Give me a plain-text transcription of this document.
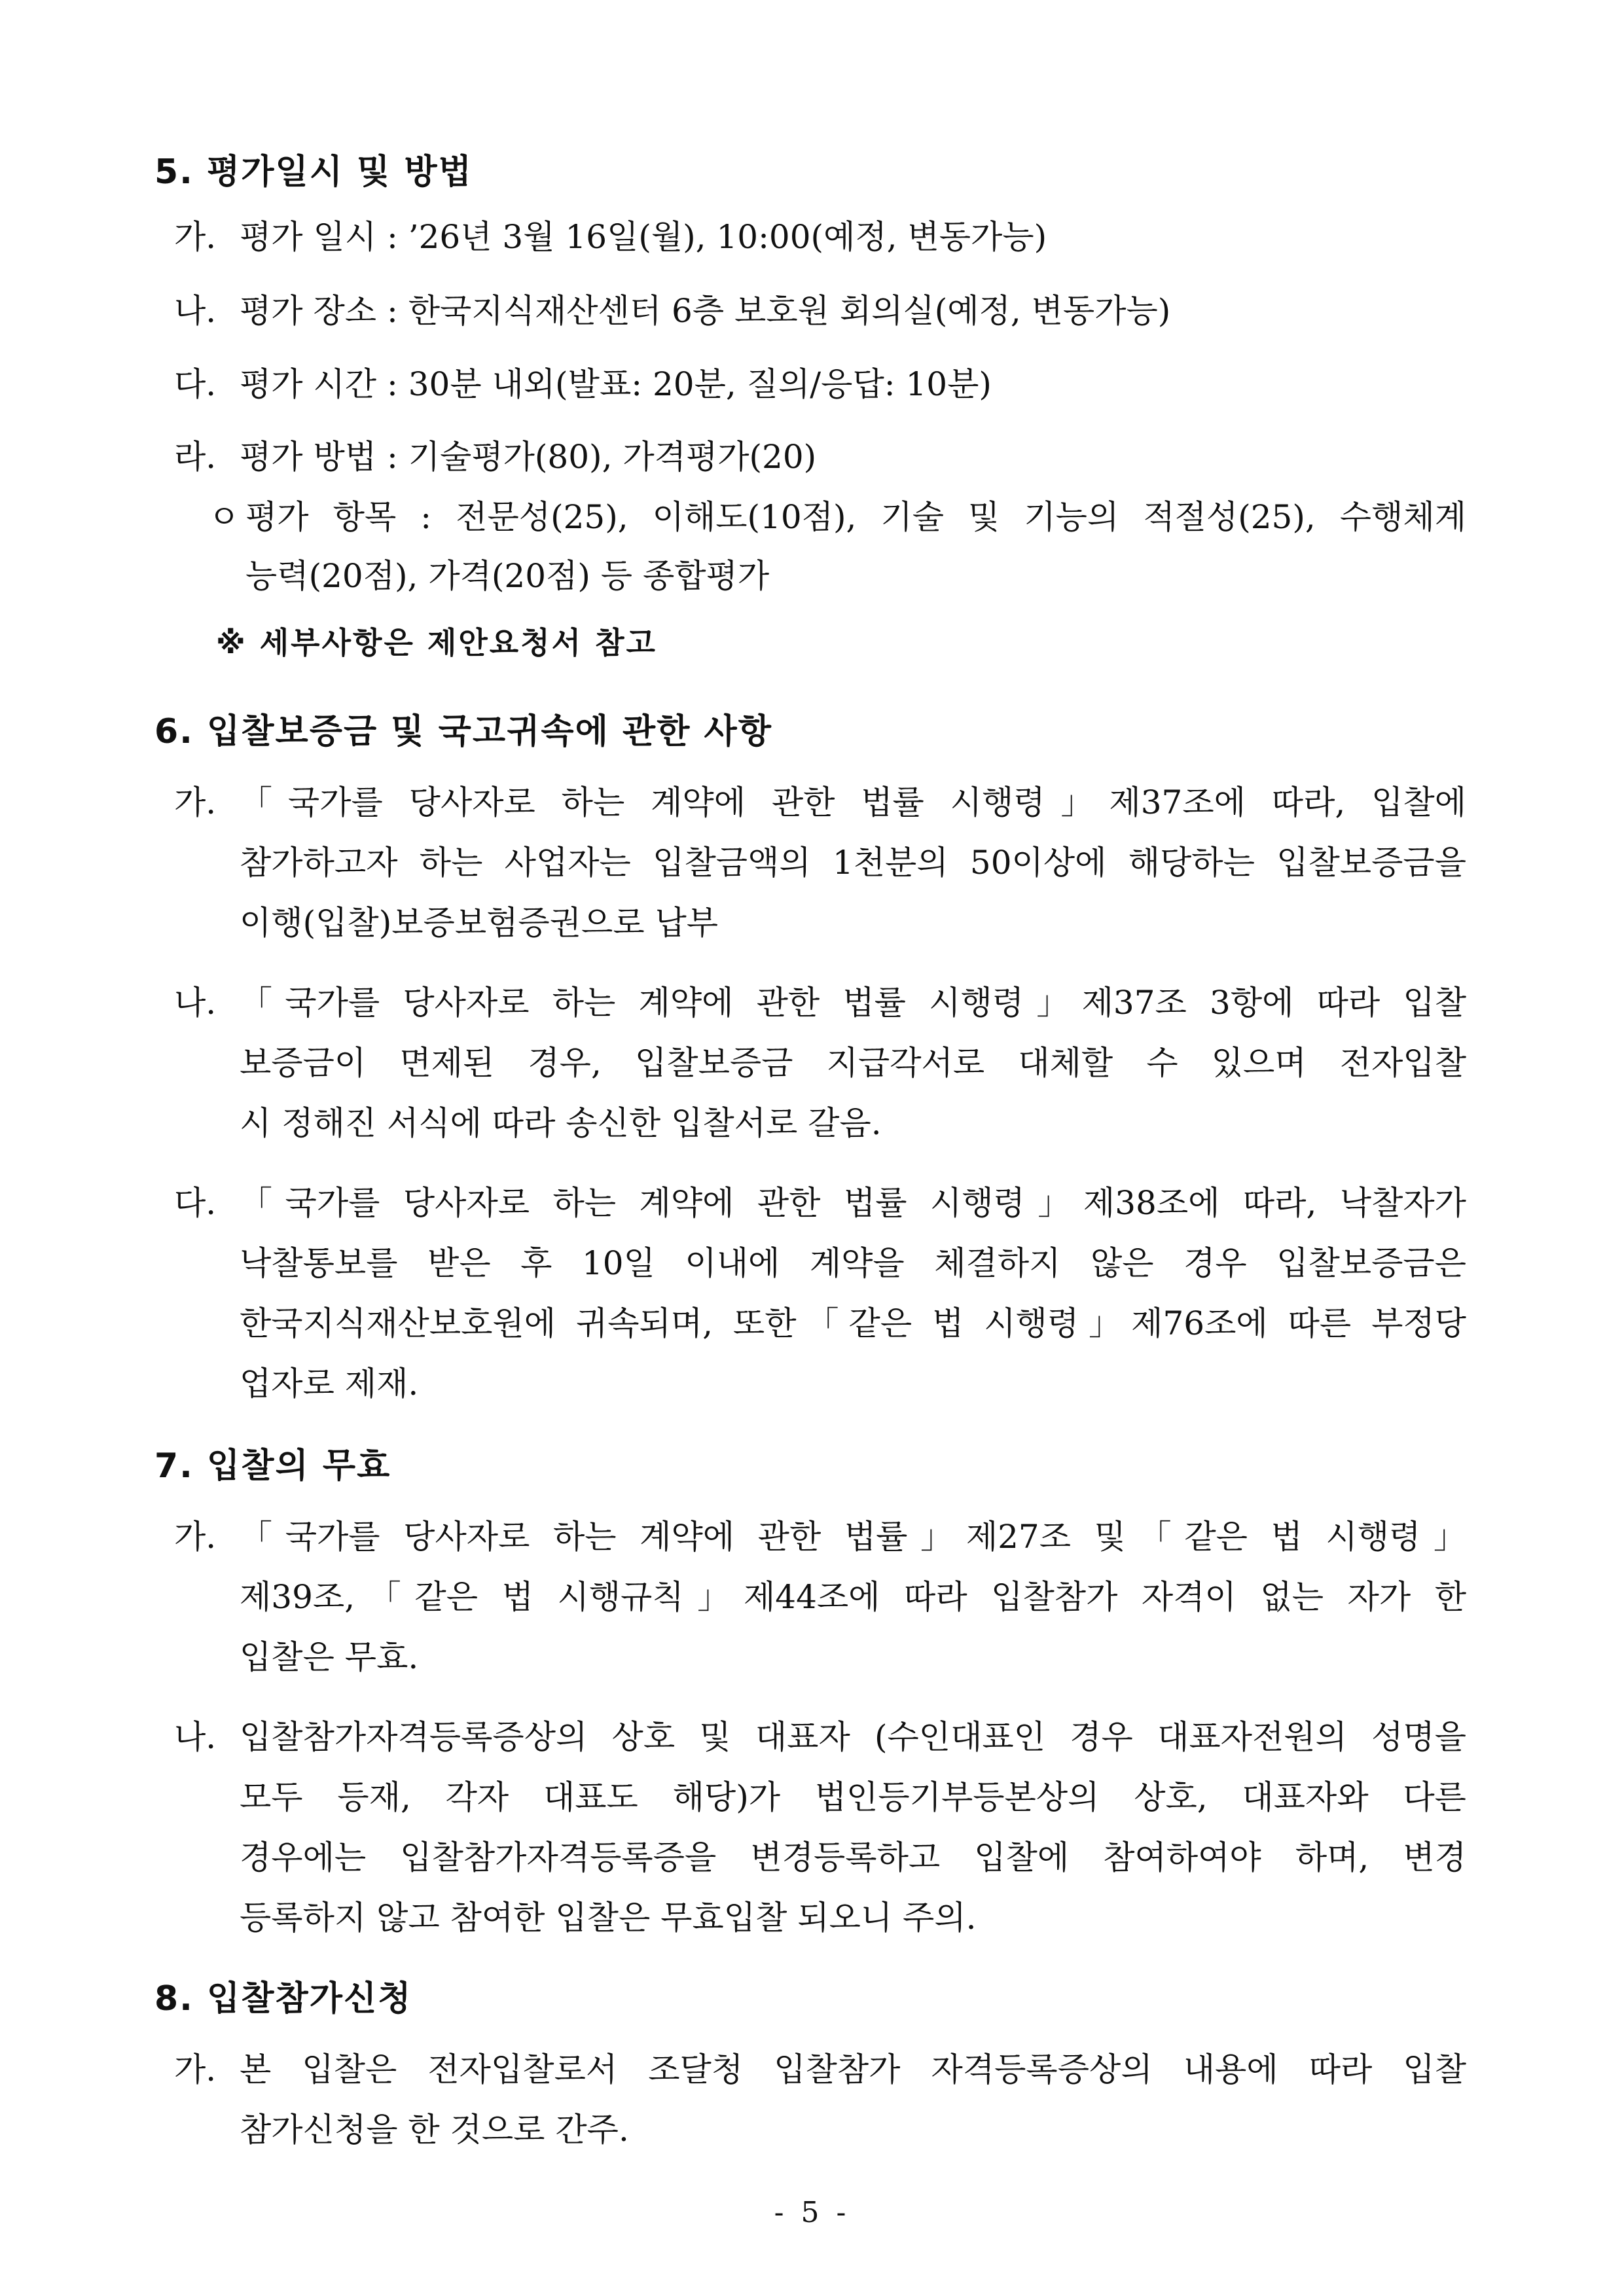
5. 평가일시 및 방법
가. 평가 일시 : ’26년 3월 16일(월), 10:00(예정, 변동가능)
나. 평가 장소 : 한국지식재산센터 6층 보호원 회의실(예정, 변동가능)
다. 평가 시간 : 30분 내외(발표: 20분, 질의/응답: 10분)
라. 평가 방법 : 기술평가(80), 가격평가(20)
ㅇ 평가 항목 : 전문성(25), 이해도(10점), 기술 및 기능의 적절성(25), 수행체계
능력(20점), 가격(20점) 등 종합평가
※ 세부사항은 제안요청서 참고
6. 입찰보증금 및 국고귀속에 관한 사항
가. 「국가를 당사자로 하는 계약에 관한 법률 시행령」제37조에 따라, 입찰에
참가하고자 하는 사업자는 입찰금액의 1천분의 50이상에 해당하는 입찰보증금을
이행(입찰)보증보험증권으로 납부
나. 「국가를 당사자로 하는 계약에 관한 법률 시행령」제37조 3항에 따라 입찰
보증금이 면제된 경우, 입찰보증금 지급각서로 대체할 수 있으며 전자입찰
시 정해진 서식에 따라 송신한 입찰서로 갈음.
다. 「국가를 당사자로 하는 계약에 관한 법률 시행령」제38조에 따라, 낙찰자가
낙찰통보를 받은 후 10일 이내에 계약을 체결하지 않은 경우 입찰보증금은
한국지식재산보호원에 귀속되며, 또한「같은 법 시행령」제76조에 따른 부정당
업자로 제재.
7. 입찰의 무효
가. 「국가를 당사자로 하는 계약에 관한 법률」제27조 및「같은 법 시행령」
제39조,「같은 법 시행규칙」제44조에 따라 입찰참가 자격이 없는 자가 한
입찰은 무효.
나. 입찰참가자격등록증상의 상호 및 대표자 (수인대표인 경우 대표자전원의 성명을
모두 등재, 각자 대표도 해당)가 법인등기부등본상의 상호, 대표자와 다른
경우에는 입찰참가자격등록증을 변경등록하고 입찰에 참여하여야 하며, 변경
등록하지 않고 참여한 입찰은 무효입찰 되오니 주의.
8. 입찰참가신청
가. 본 입찰은 전자입찰로서 조달청 입찰참가 자격등록증상의 내용에 따라 입찰
참가신청을 한 것으로 간주.
- 5 -
